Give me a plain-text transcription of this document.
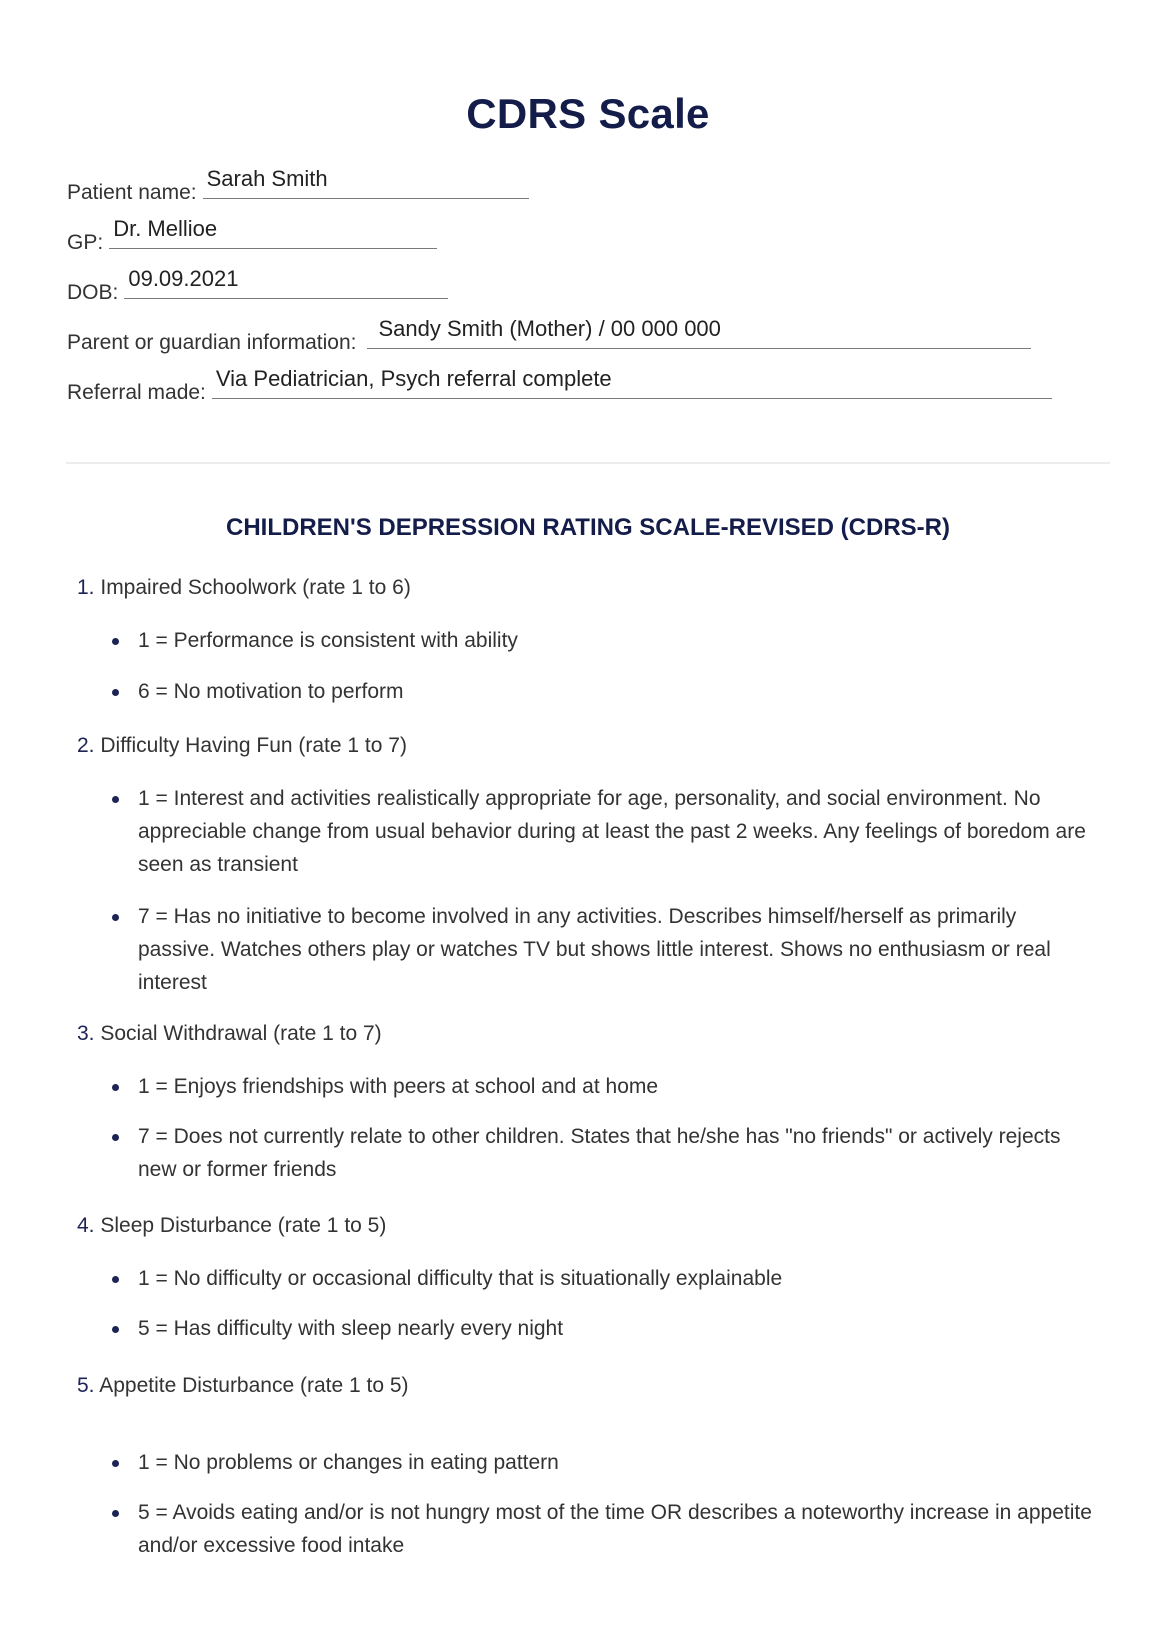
CDRS Scale
Patient name:Sarah Smith
GP:Dr. Mellioe
DOB:09.09.2021
Parent or guardian information:Sandy Smith (Mother) / 00 000 000
Referral made:Via Pediatrician, Psych referral complete
CHILDREN'S DEPRESSION RATING SCALE-REVISED (CDRS-R)
1. Impaired Schoolwork (rate 1 to 6)
1 = Performance is consistent with ability
6 = No motivation to perform
2. Difficulty Having Fun (rate 1 to 7)
1 = Interest and activities realistically appropriate for age, personality, and social environment. No appreciable change from usual behavior during at least the past 2 weeks. Any feelings of boredom are seen as transient
7 = Has no initiative to become involved in any activities. Describes himself/herself as primarily passive. Watches others play or watches TV but shows little interest. Shows no enthusiasm or real interest
3. Social Withdrawal (rate 1 to 7)
1 = Enjoys friendships with peers at school and at home
7 = Does not currently relate to other children. States that he/she has "no friends" or actively rejects new or former friends
4. Sleep Disturbance (rate 1 to 5)
1 = No difficulty or occasional difficulty that is situationally explainable
5 = Has difficulty with sleep nearly every night
5. Appetite Disturbance (rate 1 to 5)
1 = No problems or changes in eating pattern
5 = Avoids eating and/or is not hungry most of the time OR describes a noteworthy increase in appetite and/or excessive food intake
